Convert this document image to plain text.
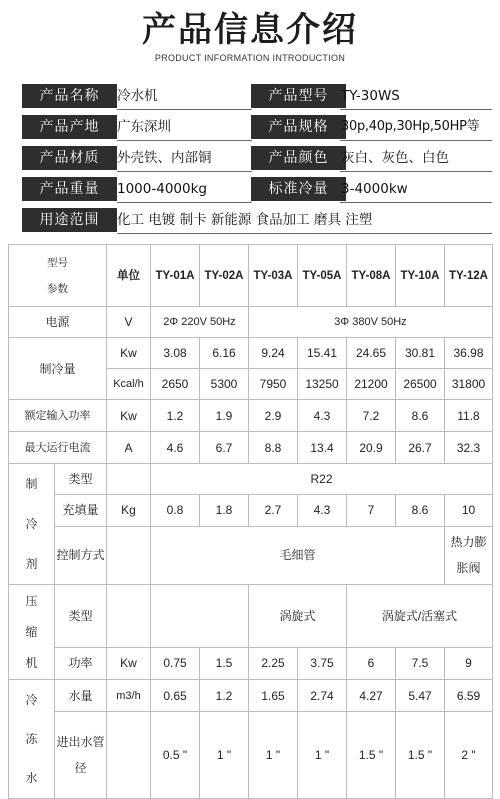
产品信息介绍
PRODUCT INFORMATION INTRODUCTION
产品名称	冷水机	产品型号 TY-30WS
产品产地	广东深圳	产品规格 30p,40p,30Hp,50HP等
产品材质	外壳铁、内部铜	产品颜色 灰白、灰色、白色
产品重量	1000-4000kg	标准冷量 3-4000kw
用途范围	化工 电镀 制卡 新能源 食品加工 磨具 注塑
型号
参数		单位	TY-01A	TY-02A	TY-03A	TY-05A	TY-08A	TY-10A	TY-12A
电源		V	2Φ 220V 50Hz		3Φ 380V 50Hz				
制冷量		Kw	3.08	6.16	9.24	15.41	24.65	30.81	36.98
		Kcal/h	2650	5300	7950	13250	21200	26500	31800
额定输入功率		Kw	1.2	1.9	2.9	4.3	7.2	8.6	11.8
最大运行电流		A	4.6	6.7	8.8	13.4	20.9	26.7	32.3

制
冷
剂	类型		R22						
	充填量	Kg	0.8	1.8	2.7	4.3	7	8.6	10
	控制方式		毛细管						热力膨胀阀

压
缩
机	类型				涡旋式		涡旋式/活塞式		
	功率	Kw	0.75	1.5	2.25	3.75	6	7.5	9

冷
冻
水	水量	m3/h	0.65	1.2	1.65	2.74	4.27	5.47	6.59
	进出水管径		0.5 "	1 "	1 "	1 "	1.5 "	1.5 "	2 "
